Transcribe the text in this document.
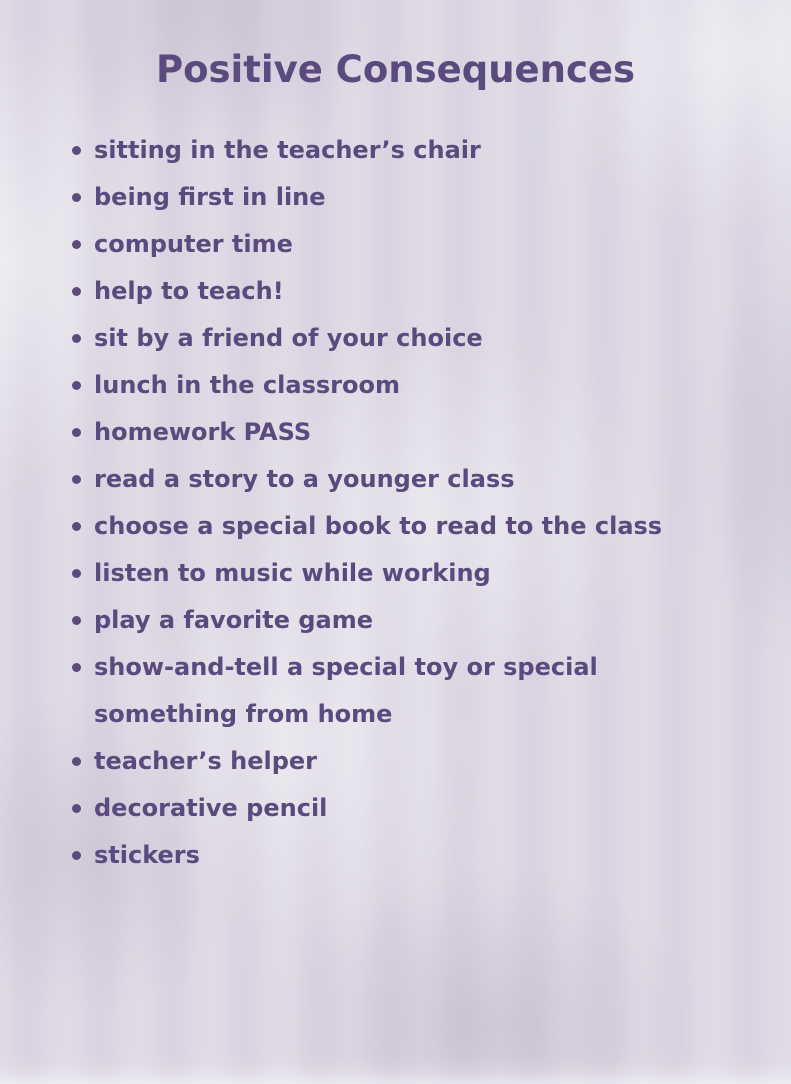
Positive Consequences
sitting in the teacher’s chair
being first in line
computer time
help to teach!
sit by a friend of your choice
lunch in the classroom
homework PASS
read a story to a younger class
choose a special book to read to the class
listen to music while working
play a favorite game
show-and-tell a special toy or special something from home
teacher’s helper
decorative pencil
stickers
